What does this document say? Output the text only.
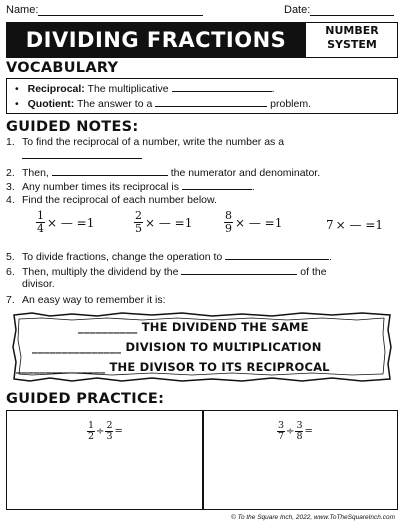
Name:	Date:
DIVIDING FRACTIONS	NUMBER
SYSTEM
VOCABULARY
• Reciprocal: The multiplicative	.
• Quotient: The answer to a	problem.
GUIDED NOTES:
1. To find the reciprocal of a number, write the number as a
2. Then,	the numerator and denominator.
3. Any number times its reciprocal is	.
4. Find the reciprocal of each number below.
$\frac{1}{4}$ × — =1	$\frac{2}{5}$ × — =1	$\frac{8}{9}$ × — =1	7 × — =1
5. To divide fractions, change the operation to	.
6. Then, multiply the dividend by the	of the
divisor.
7. An easy way to remember it is:
__________ THE DIVIDEND THE SAME
_______________ DIVISION TO MULTIPLICATION
_______________ THE DIVISOR TO ITS RECIPROCAL
GUIDED PRACTICE:
$\frac{1}{2} \div \frac{2}{3}$ =	$\frac{3}{7} \div \frac{3}{8}$ =
© To the Square Inch, 2022, www.ToTheSquareInch.com
